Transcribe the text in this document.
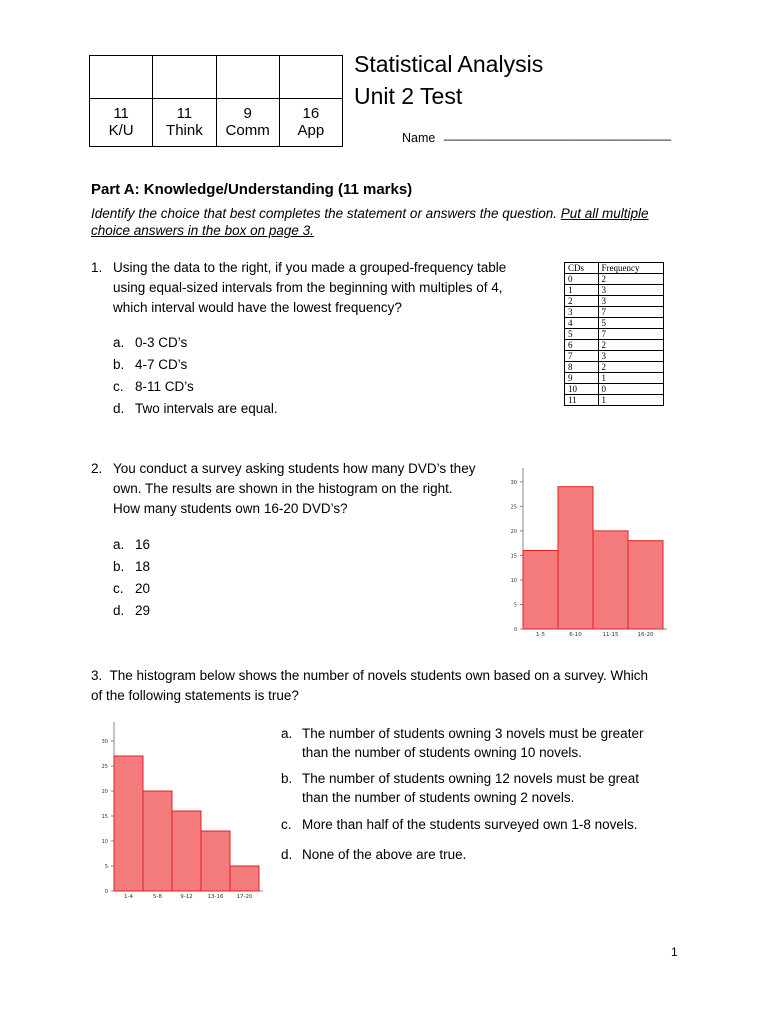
11	11	9	16
K/U	Think	Comm	App
Statistical Analysis
Unit 2 Test
Name _______________________________
Part A: Knowledge/Understanding (11 marks)
Identify the choice that best completes the statement or answers the question. Put all multiple
choice answers in the box on page 3.
1. Using the data to the right, if you made a grouped-frequency table
using equal-sized intervals from the beginning with multiples of 4,
which interval would have the lowest frequency?
a. 0-3 CD’s
b. 4-7 CD’s
c. 8-11 CD’s
d. Two intervals are equal.
CDs	Frequency
0	2
1	3
2	3
3	7
4	5
5	7
6	2
7	3
8	2
9	1
10	0
11	1
2. You conduct a survey asking students how many DVD’s they
own. The results are shown in the histogram on the right.
How many students own 16-20 DVD’s?
a. 16
b. 18
c. 20
d. 29
0
5
10
15
20
25
30
1-5	6-10	11-15	16-20
3. The histogram below shows the number of novels students own based on a survey. Which
of the following statements is true?
0
5
10
15
20
25
30
1-4	5-8	9-12	13-16 17-20
a. The number of students owning 3 novels must be greater
than the number of students owning 10 novels.
b. The number of students owning 12 novels must be great
than the number of students owning 2 novels.
c. More than half of the students surveyed own 1-8 novels.
d. None of the above are true.
1
